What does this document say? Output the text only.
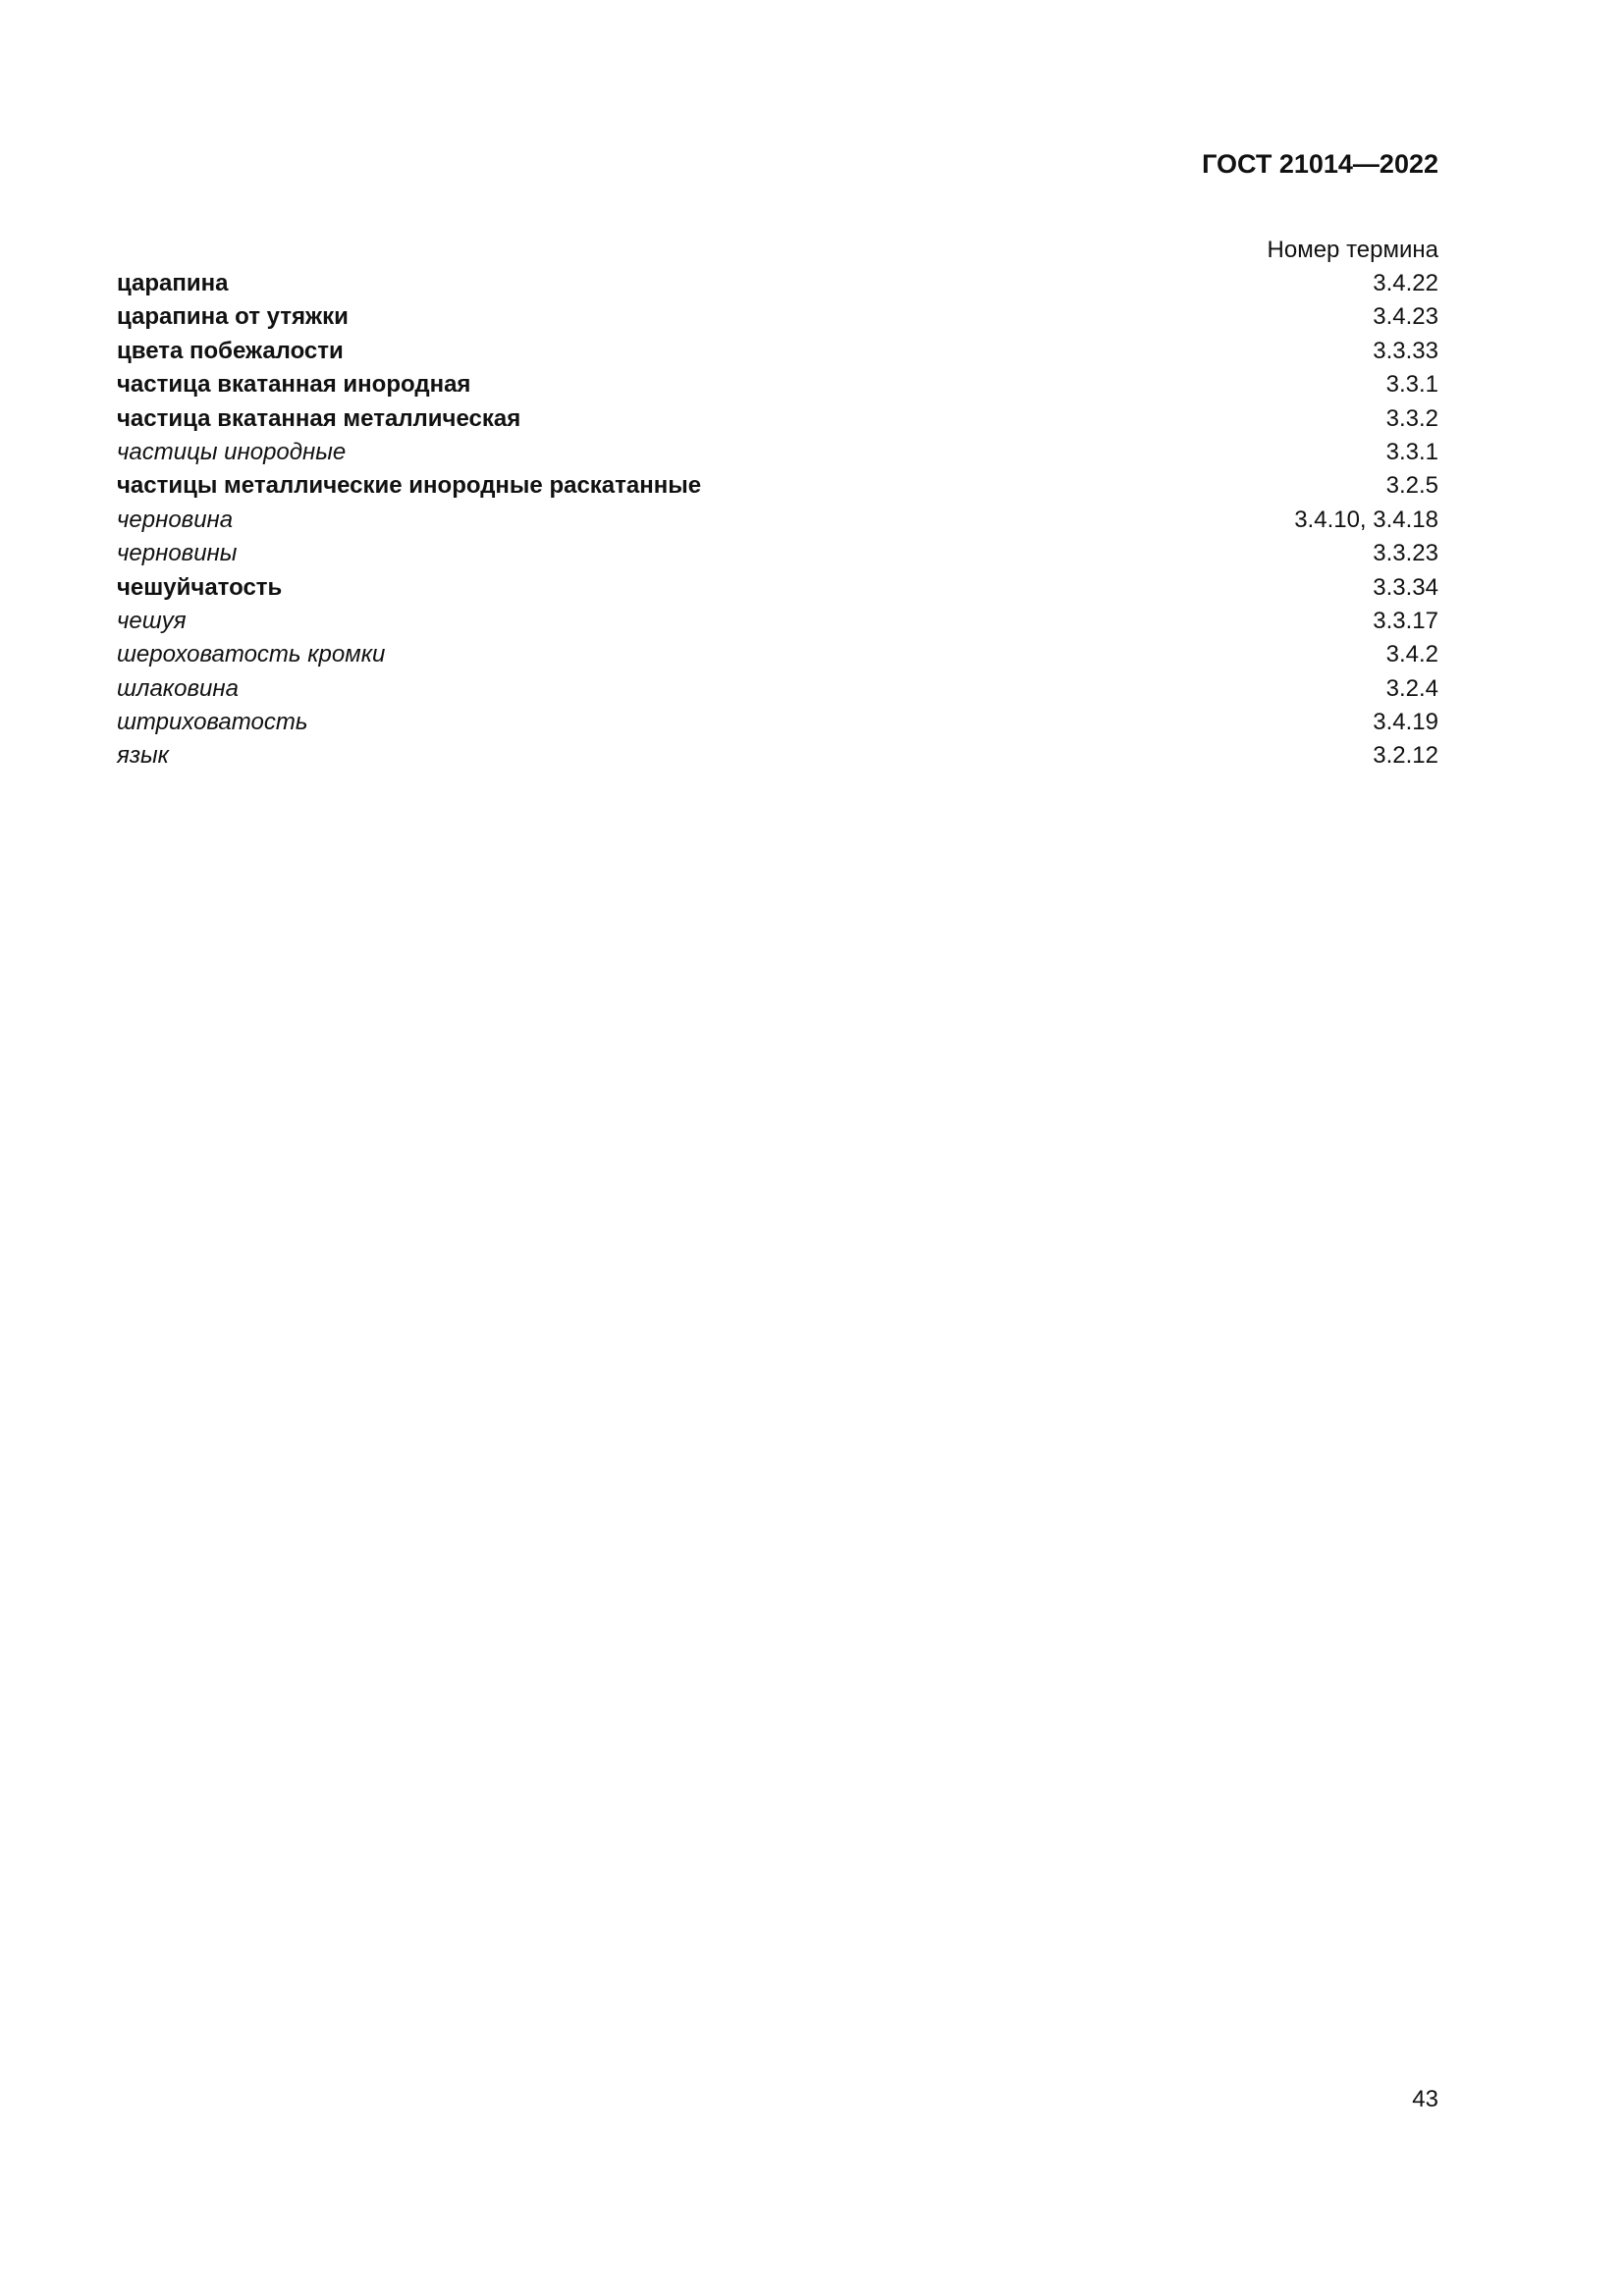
ГОСТ 21014—2022
Номер термина
царапина	3.4.22
царапина от утяжки	3.4.23
цвета побежалости	3.3.33
частица вкатанная инородная	3.3.1
частица вкатанная металлическая	3.3.2
частицы инородные	3.3.1
частицы металлические инородные раскатанные	3.2.5
черновина	3.4.10, 3.4.18
черновины	3.3.23
чешуйчатость	3.3.34
чешуя	3.3.17
шероховатость кромки	3.4.2
шлаковина	3.2.4
штриховатость	3.4.19
язык	3.2.12
43
